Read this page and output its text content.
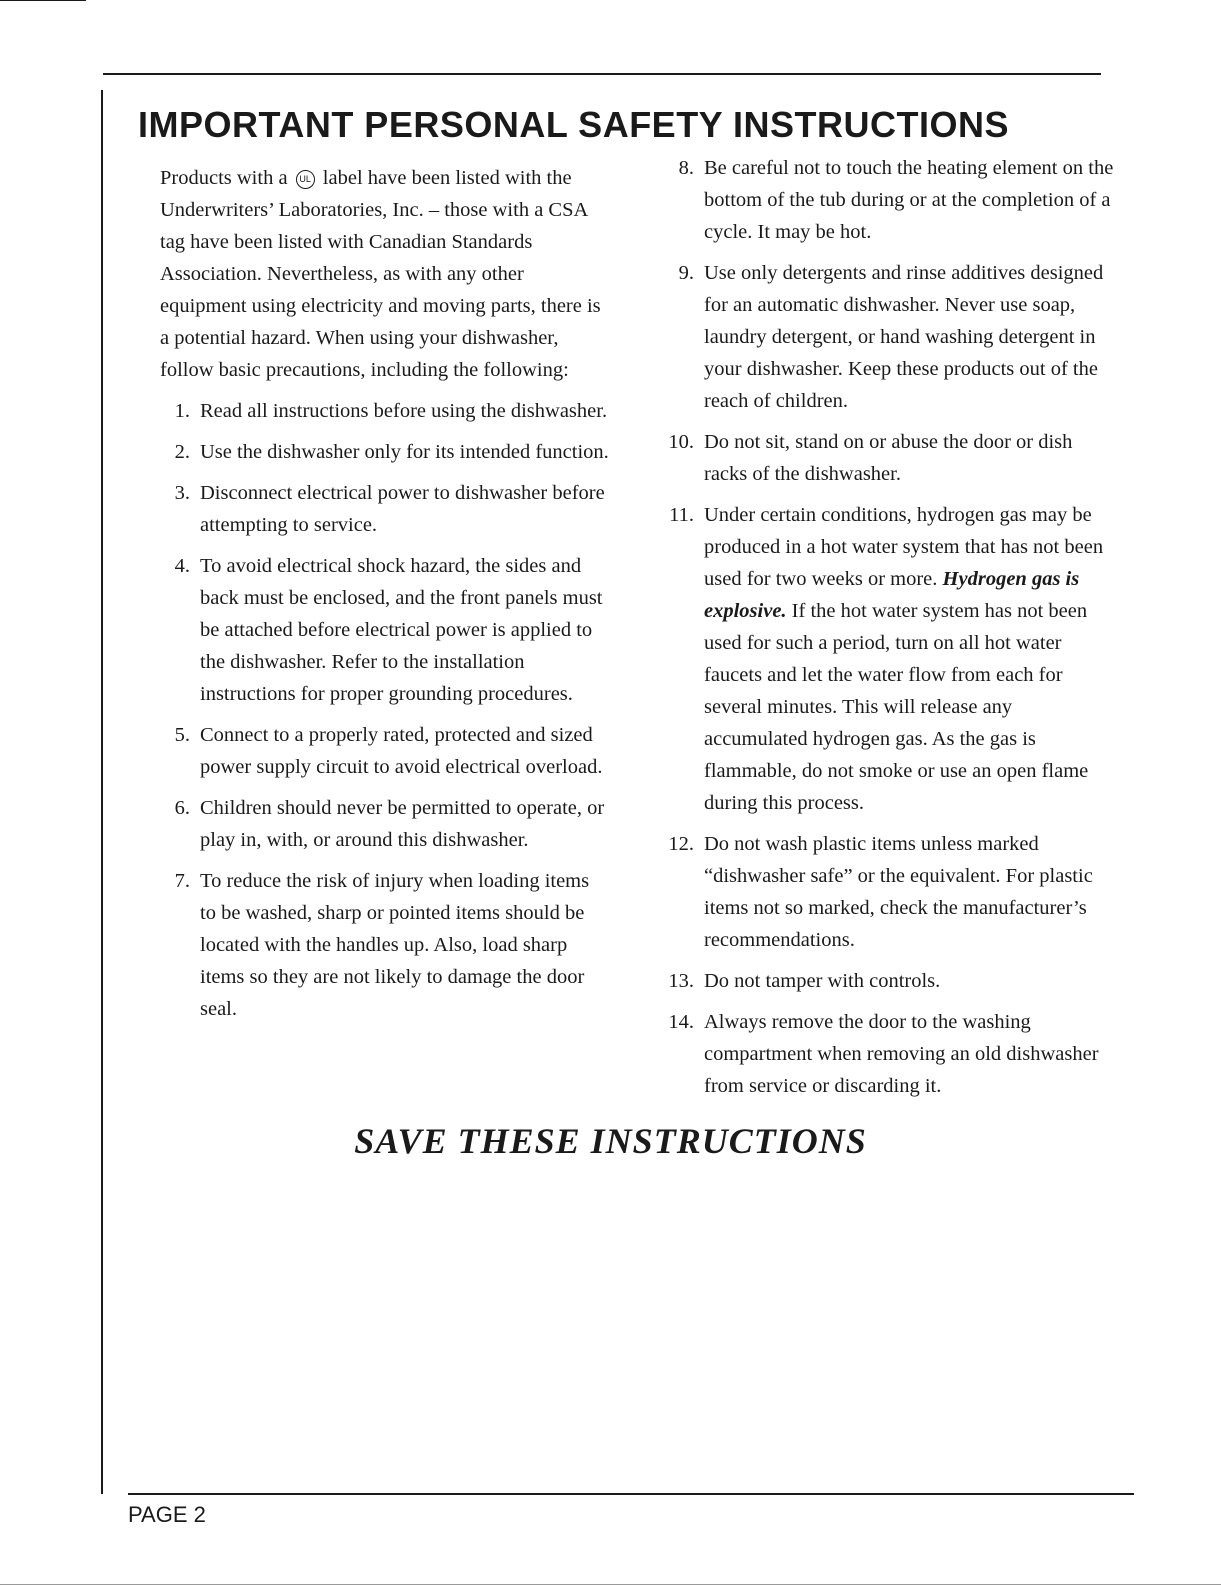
IMPORTANT PERSONAL SAFETY INSTRUCTIONS

Products with a UL label have been listed with the Underwriters’ Laboratories, Inc. – those with a CSA tag have been listed with Canadian Standards Association. Nevertheless, as with any other equipment using electricity and moving parts, there is a potential hazard. When using your dishwasher, follow basic precautions, including the following:

1. Read all instructions before using the dishwasher.
2. Use the dishwasher only for its intended function.
3. Disconnect electrical power to dishwasher before attempting to service.
4. To avoid electrical shock hazard, the sides and back must be enclosed, and the front panels must be attached before electrical power is applied to the dishwasher. Refer to the installation instructions for proper grounding procedures.
5. Connect to a properly rated, protected and sized power supply circuit to avoid electrical overload.
6. Children should never be permitted to operate, or play in, with, or around this dishwasher.
7. To reduce the risk of injury when loading items to be washed, sharp or pointed items should be located with the handles up. Also, load sharp items so they are not likely to damage the door seal.
8. Be careful not to touch the heating element on the bottom of the tub during or at the completion of a cycle. It may be hot.
9. Use only detergents and rinse additives designed for an automatic dishwasher. Never use soap, laundry detergent, or hand washing detergent in your dishwasher. Keep these products out of the reach of children.
10. Do not sit, stand on or abuse the door or dish racks of the dishwasher.
11. Under certain conditions, hydrogen gas may be produced in a hot water system that has not been used for two weeks or more. Hydrogen gas is explosive. If the hot water system has not been used for such a period, turn on all hot water faucets and let the water flow from each for several minutes. This will release any accumulated hydrogen gas. As the gas is flammable, do not smoke or use an open flame during this process.
12. Do not wash plastic items unless marked “dishwasher safe” or the equivalent. For plastic items not so marked, check the manufacturer’s recommendations.
13. Do not tamper with controls.
14. Always remove the door to the washing compartment when removing an old dishwasher from service or discarding it.
SAVE THESE INSTRUCTIONS
PAGE 2
